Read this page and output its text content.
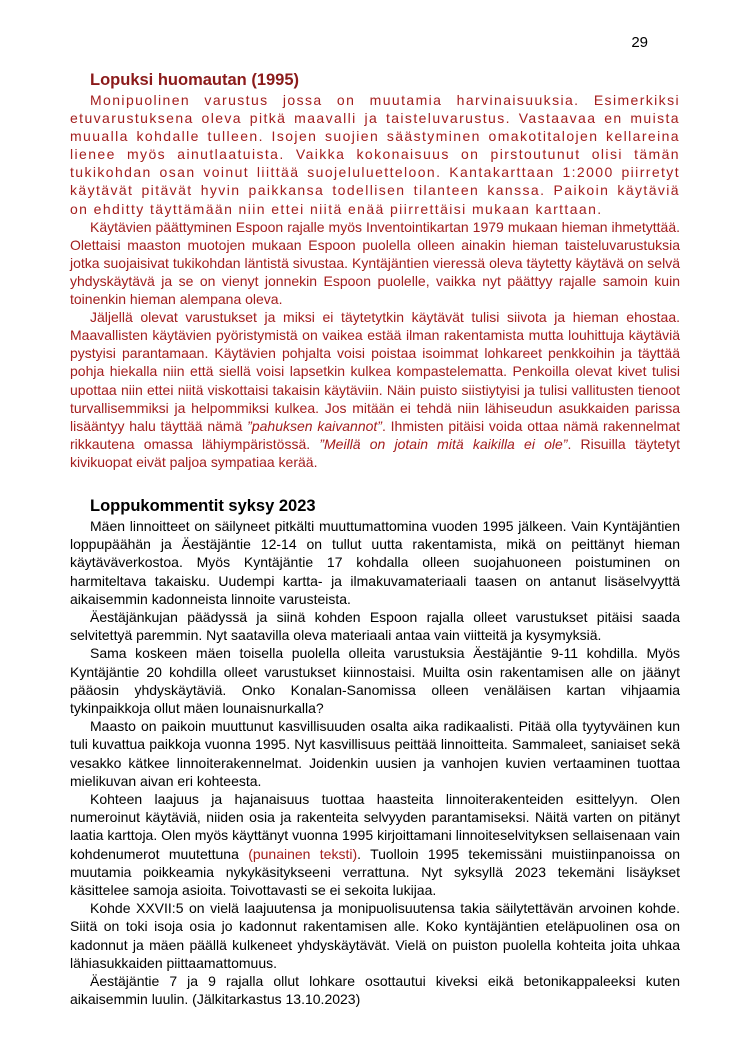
29
Lopuksi huomautan (1995)

Monipuolinen varustus jossa on muutamia harvinaisuuksia. Esimerkiksi etuvarustuksena oleva pitkä maavalli ja taisteluvarustus. Vastaavaa en muista muualla kohdalle tulleen. Isojen suojien säästyminen omakotitalojen kellareina lienee myös ainutlaatuista. Vaikka kokonaisuus on pirstoutunut olisi tämän tukikohdan osan voinut liittää suojeluluetteloon. Kantakarttaan 1:2000 piirretyt käytävät pitävät hyvin paikkansa todellisen tilanteen kanssa. Paikoin käytäviä on ehditty täyttämään niin ettei niitä enää piirrettäisi mukaan karttaan.

Käytävien päättyminen Espoon rajalle myös Inventointikartan 1979 mukaan hieman ihmetyttää. Olettaisi maaston muotojen mukaan Espoon puolella olleen ainakin hieman taisteluvarustuksia jotka suojaisivat tukikohdan läntistä sivustaa. Kyntäjäntien vieressä oleva täytetty käytävä on selvä yhdyskäytävä ja se on vienyt jonnekin Espoon puolelle, vaikka nyt päättyy rajalle samoin kuin toinenkin hieman alempana oleva.

Jäljellä olevat varustukset ja miksi ei täytetytkin käytävät tulisi siivota ja hieman ehostaa. Maavallisten käytävien pyöristymistä on vaikea estää ilman rakentamista mutta louhittuja käytäviä pystyisi parantamaan. Käytävien pohjalta voisi poistaa isoimmat lohkareet penkkoihin ja täyttää pohja hiekalla niin että siellä voisi lapsetkin kulkea kompastelematta. Penkoilla olevat kivet tulisi upottaa niin ettei niitä viskottaisi takaisin käytäviin. Näin puisto siistiytyisi ja tulisi vallitusten tienoot turvallisemmiksi ja helpommiksi kulkea. Jos mitään ei tehdä niin lähiseudun asukkaiden parissa lisääntyy halu täyttää nämä ”pahuksen kaivannot”. Ihmisten pitäisi voida ottaa nämä rakennelmat rikkautena omassa lähiympäristössä. ”Meillä on jotain mitä kaikilla ei ole”. Risuilla täytetyt kivikuopat eivät paljoa sympatiaa kerää.

Loppukommentit syksy 2023

Mäen linnoitteet on säilyneet pitkälti muuttumattomina vuoden 1995 jälkeen. Vain Kyntäjäntien loppupäähän ja Äestäjäntie 12-14 on tullut uutta rakentamista, mikä on peittänyt hieman käytäväverkostoa. Myös Kyntäjäntie 17 kohdalla olleen suojahuoneen poistuminen on harmiteltava takaisku. Uudempi kartta- ja ilmakuvamateriaali taasen on antanut lisäselvyyttä aikaisemmin kadonneista linnoite varusteista.

Äestäjänkujan päädyssä ja siinä kohden Espoon rajalla olleet varustukset pitäisi saada selvitettyä paremmin. Nyt saatavilla oleva materiaali antaa vain viitteitä ja kysymyksiä.

Sama koskeen mäen toisella puolella olleita varustuksia Äestäjäntie 9-11 kohdilla. Myös Kyntäjäntie 20 kohdilla olleet varustukset kiinnostaisi. Muilta osin rakentamisen alle on jäänyt pääosin yhdyskäytäviä. Onko Konalan-Sanomissa olleen venäläisen kartan vihjaamia tykinpaikkoja ollut mäen lounaisnurkalla?

Maasto on paikoin muuttunut kasvillisuuden osalta aika radikaalisti. Pitää olla tyytyväinen kun tuli kuvattua paikkoja vuonna 1995. Nyt kasvillisuus peittää linnoitteita. Sammaleet, saniaiset sekä vesakko kätkee linnoiterakennelmat. Joidenkin uusien ja vanhojen kuvien vertaaminen tuottaa mielikuvan aivan eri kohteesta.

Kohteen laajuus ja hajanaisuus tuottaa haasteita linnoiterakenteiden esittelyyn. Olen numeroinut käytäviä, niiden osia ja rakenteita selvyyden parantamiseksi. Näitä varten on pitänyt laatia karttoja. Olen myös käyttänyt vuonna 1995 kirjoittamani linnoiteselvityksen sellaisenaan vain kohdenumerot muutettuna (punainen teksti). Tuolloin 1995 tekemissäni muistiinpanoissa on muutamia poikkeamia nykykäsitykseeni verrattuna. Nyt syksyllä 2023 tekemäni lisäykset käsittelee samoja asioita. Toivottavasti se ei sekoita lukijaa.

Kohde XXVII:5 on vielä laajuutensa ja monipuolisuutensa takia säilytettävän arvoinen kohde. Siitä on toki isoja osia jo kadonnut rakentamisen alle. Koko kyntäjäntien eteläpuolinen osa on kadonnut ja mäen päällä kulkeneet yhdyskäytävät. Vielä on puiston puolella kohteita joita uhkaa lähiasukkaiden piittaamattomuus.

Äestäjäntie 7 ja 9 rajalla ollut lohkare osottautui kiveksi eikä betonikappaleeksi kuten aikaisemmin luulin. (Jälkitarkastus 13.10.2023)
